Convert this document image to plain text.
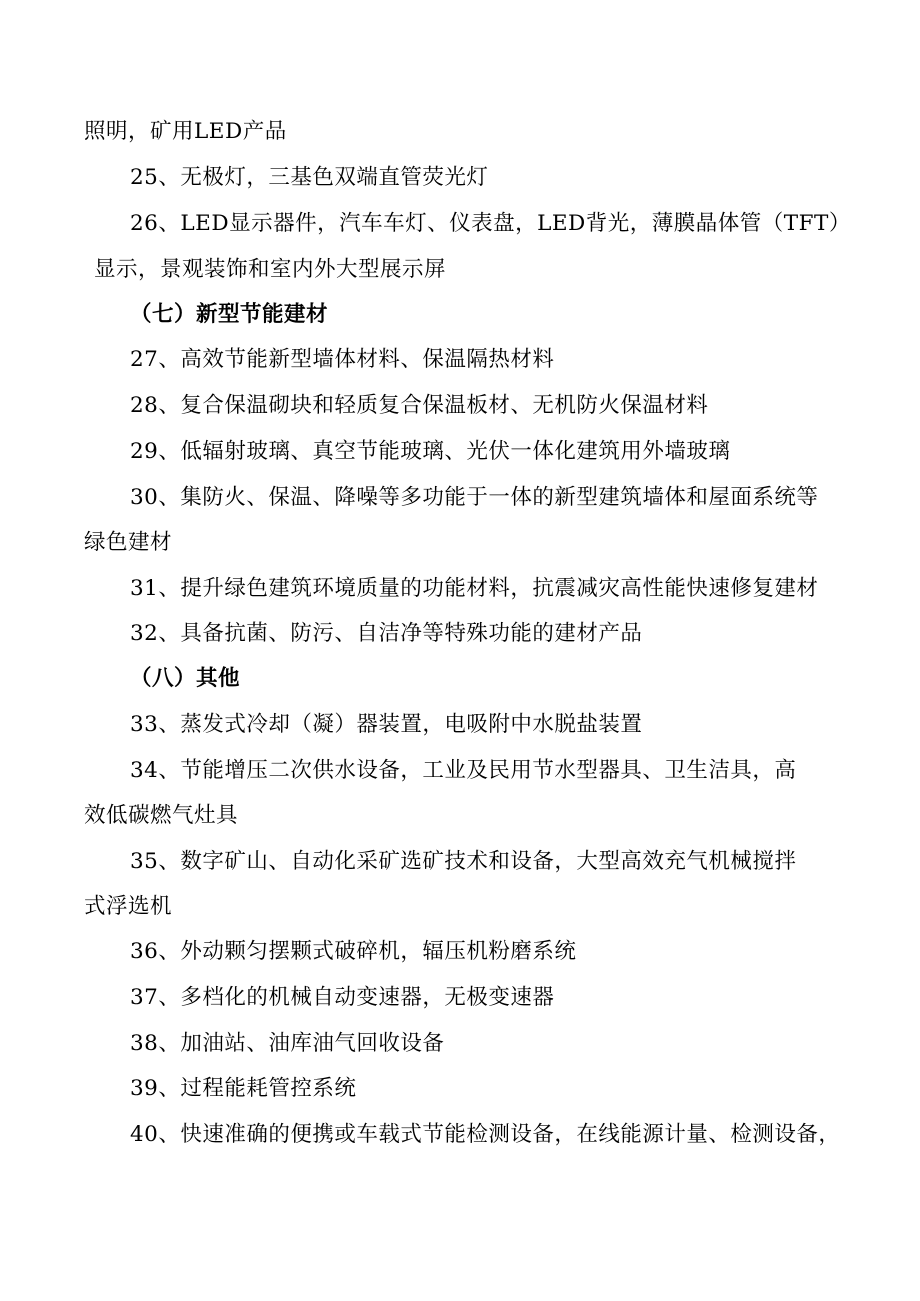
照明，矿用LED产品
25、无极灯，三基色双端直管荧光灯
26、LED显示器件，汽车车灯、仪表盘，LED背光，薄膜晶体管（TFT）
显示，景观装饰和室内外大型展示屏
（七）新型节能建材
27、高效节能新型墙体材料、保温隔热材料
28、复合保温砌块和轻质复合保温板材、无机防火保温材料
29、低辐射玻璃、真空节能玻璃、光伏一体化建筑用外墙玻璃
30、集防火、保温、降噪等多功能于一体的新型建筑墙体和屋面系统等
绿色建材
31、提升绿色建筑环境质量的功能材料，抗震减灾高性能快速修复建材
32、具备抗菌、防污、自洁净等特殊功能的建材产品
（八）其他
33、蒸发式冷却（凝）器装置，电吸附中水脱盐装置
34、节能增压二次供水设备，工业及民用节水型器具、卫生洁具，高
效低碳燃气灶具
35、数字矿山、自动化采矿选矿技术和设备，大型高效充气机械搅拌
式浮选机
36、外动颗匀摆颗式破碎机，辐压机粉磨系统
37、多档化的机械自动变速器，无极变速器
38、加油站、油库油气回收设备
39、过程能耗管控系统
40、快速准确的便携或车载式节能检测设备，在线能源计量、检测设备，
